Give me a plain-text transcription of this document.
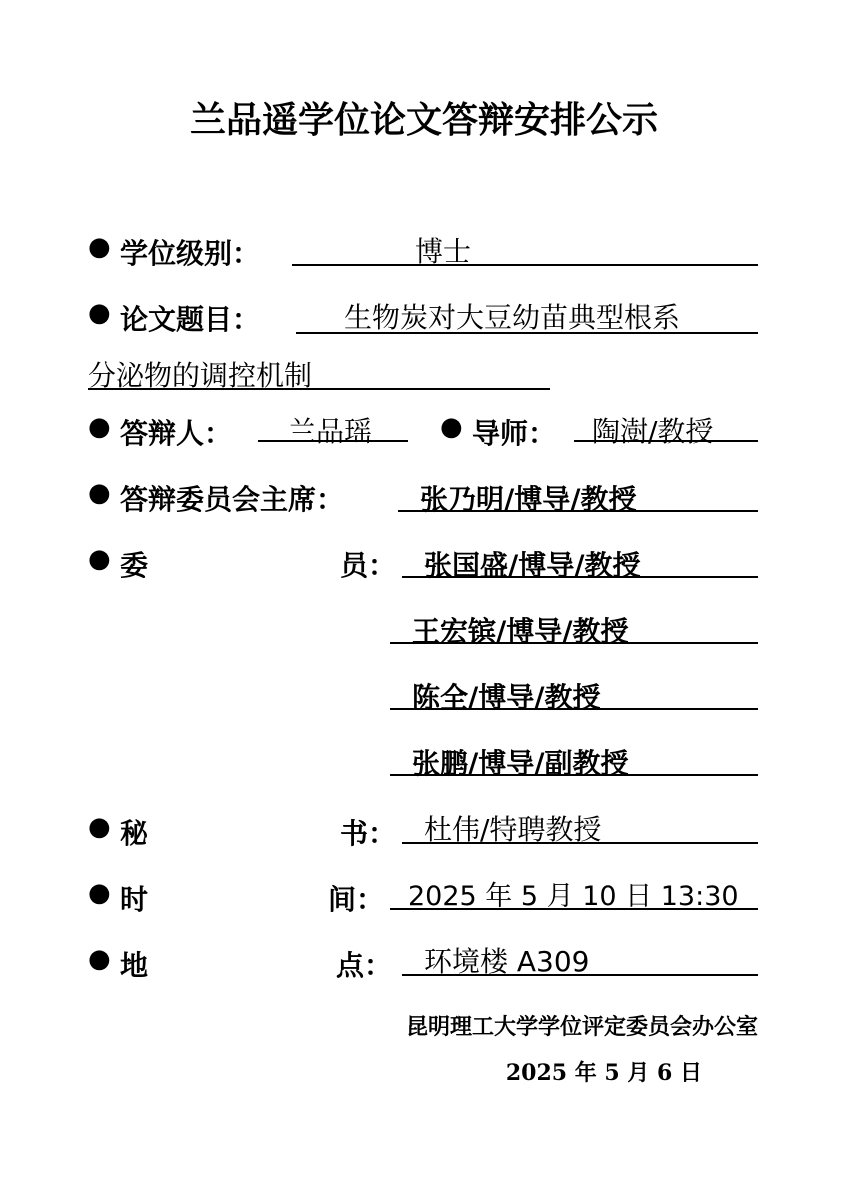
兰品遥学位论文答辩安排公示
● 学位级别：	博士
● 论文题目：	生物炭对大豆幼苗典型根系
分泌物的调控机制
● 答辩人： 兰品瑶	● 导师： 陶澍/教授
● 答辩委员会主席：	张乃明/博导/教授
● 委	员： 张国盛/博导/教授
王宏镔/博导/教授
陈全/博导/教授
张鹏/博导/副教授
● 秘	书： 杜伟/特聘教授
● 时	间： 2025 年 5 月 10 日 13:30
● 地	点： 环境楼 A309
昆明理工大学学位评定委员会办公室
2025 年 5 月 6 日
